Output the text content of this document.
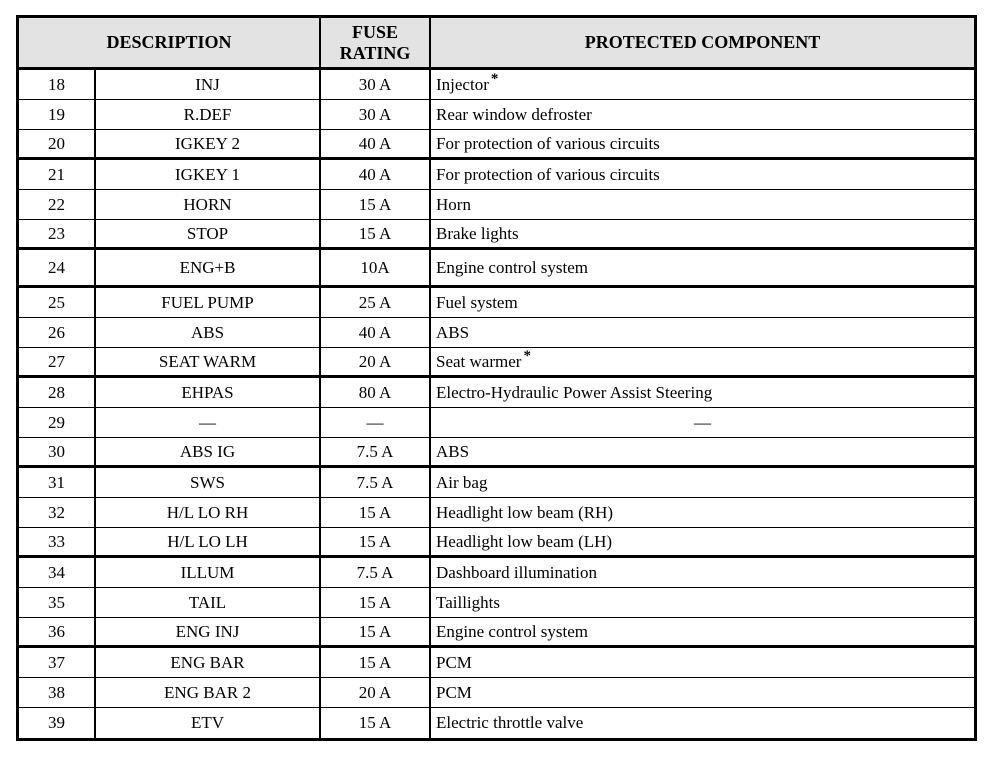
DESCRIPTION
FUSE RATING
PROTECTED COMPONENT
18	INJ	30 A	Injector *
19	R.DEF	30 A	Rear window defroster
20	IGKEY 2	40 A	For protection of various circuits
21	IGKEY 1	40 A	For protection of various circuits
22	HORN	15 A	Horn
23	STOP	15 A	Brake lights
24	ENG+B	10A	Engine control system
25	FUEL PUMP	25 A	Fuel system
26	ABS	40 A	ABS
27	SEAT WARM	20 A	Seat warmer *
28	EHPAS	80 A	Electro-Hydraulic Power Assist Steering
29	—	—	—
30	ABS IG	7.5 A	ABS
31	SWS	7.5 A	Air bag
32	H/L LO RH	15 A	Headlight low beam (RH)
33	H/L LO LH	15 A	Headlight low beam (LH)
34	ILLUM	7.5 A	Dashboard illumination
35	TAIL	15 A	Taillights
36	ENG INJ	15 A	Engine control system
37	ENG BAR	15 A	PCM
38	ENG BAR 2	20 A	PCM
39	ETV	15 A	Electric throttle valve
